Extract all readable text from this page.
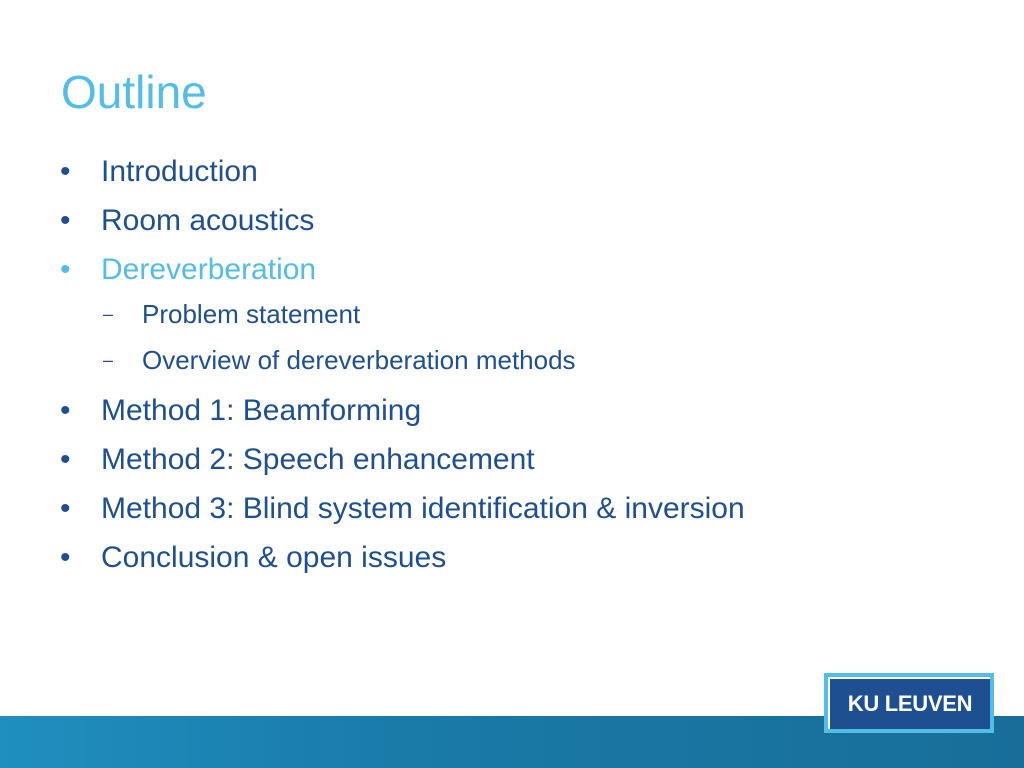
Outline
• Introduction
• Room acoustics
• Dereverberation
– Problem statement
– Overview of dereverberation methods
• Method 1: Beamforming
• Method 2: Speech enhancement
• Method 3: Blind system identification & inversion
• Conclusion & open issues
KU LEUVEN
